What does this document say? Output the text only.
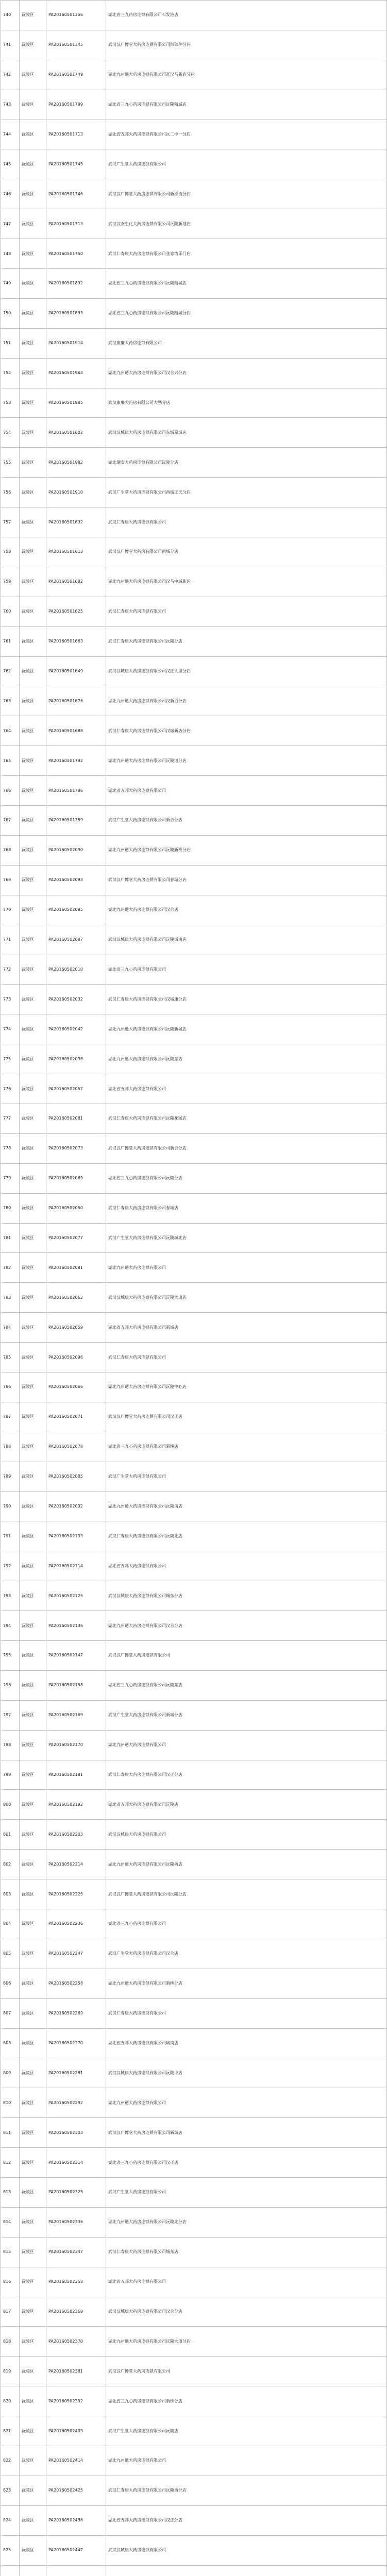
740	沅陵区	PA20160501356	湖北省三九药房连锁有限公司石发港店
741	沅陵区	PA20160501345	武汉汉广博堂大药房连锁有限公司洪郊仲分店
742	沅陵区	PA20160501749	湖北九州通大药房连锁有限公司瓦汉马新农分店
743	沅陵区	PA20160501799	湖北省三九心药房连锁有限公司沅陵精城店
744	沅陵区	PA20160501713	湖北省五邦大药房连锁有限公司沅二中一分店
745	沅陵区	PA20160501745	武汉广生堂大药房连锁有限公司
746	沅陵区	PA20160501746	武汉汉广博堂大药房连锁有限公司新桥街分店
747	沅陵区	PA20160501713	武汉汉安生化大药房连锁有限公司沅陵新地店
748	沅陵区	PA20160501750	武汉仁寿康大药房连锁有限公司张家湾乐门店
749	沅陵区	PA20160501892	湖北省三九心药房连锁有限公司沅陵精城店
750	沅陵区	PA20160501853	湖北省三九心药房连锁有限公司沅陵精城分店
751	沅陵区	PA20160501914	武汉康廉大药房连锁有限公司
752	沅陵区	PA20160501964	湖北九州通大药房连锁有限公司汉合兴分店
753	沅陵区	PA20160501985	武汉康廉大药房有限公司大鹏分店
754	沅陵区	PA20160501602	武汉汉城康大药房连锁有限公司东城星城店
755	沅陵区	PA20160501982	湖北瑞安大药房连锁有限公司沅陵分店
756	沅陵区	PA20160501910	武汉广生堂大药房连锁有限公司西城正天分店
757	沅陵区	PA20160501632	武汉仁寿康大药房连锁有限公司
758	沅陵区	PA20160501613	武汉汉广博堂大药房有限公司南城分店
759	沅陵区	PA20160501682	湖北九州通大药房连锁有限公司汉马中城新店
760	沅陵区	PA20160501625	武汉仁寿康大药房连锁有限公司
761	沅陵区	PA20160501663	武汉仁寿康大药房连锁有限公司沅陵分店
762	沅陵区	PA20160501649	武汉汉城康大药房连锁有限公司汉正大里分店
763	沅陵区	PA20160501676	湖北九州通大药房连锁有限公司汉新百分店
764	沅陵区	PA20160501688	武汉仁寿康大药房连锁有限公司汉城新店分店
765	沅陵区	PA20160501792	湖北九州通大药房连锁有限公司沅陵道分店
766	沅陵区	PA20160501786	湖北省五邦大药房连锁有限公司
767	沅陵区	PA20160501759	武汉广生堂大药房连锁有限公司新合分店
768	沅陵区	PA20160502090	湖北九州通大药房连锁有限公司沅陵新桥分店
769	沅陵区	PA20160502093	武汉汉广博堂大药房连锁有限公司春城分店
770	沅陵区	PA20160502095	湖北九州通大药房连锁有限公司汉合店
771	沅陵区	PA20160502087	武汉汉城康大药房连锁有限公司沅陵城南店
772	沅陵区	PA20160502010	湖北省三九心药房连锁有限公司
773	沅陵区	PA20160502032	武汉仁寿康大药房连锁有限公司汉城康分店
774	沅陵区	PA20160502042	湖北九州通大药房连锁有限公司沅陵新城店
775	沅陵区	PA20160502098	湖北九州通大药房连锁有限公司沅陵东店
776	沅陵区	PA20160502057	湖北省五邦大药房连锁有限公司
777	沅陵区	PA20160502081	武汉仁寿康大药房连锁有限公司沅陵花园店
778	沅陵区	PA20160502073	武汉汉广博堂大药房连锁有限公司新合分店
779	沅陵区	PA20160502069	湖北省三九心药房连锁有限公司沅陵分店
780	沅陵区	PA20160502050	武汉仁寿康大药房连锁有限公司春城店
781	沅陵区	PA20160502077	武汉广生堂大药房连锁有限公司沅陵城北店
782	沅陵区	PA20160502081	湖北九州通大药房连锁有限公司
783	沅陵区	PA20160502062	武汉汉城康大药房连锁有限公司沅陵大道店
784	沅陵区	PA20160502059	湖北省五邦大药房连锁有限公司新城店
785	沅陵区	PA20160502096	武汉仁寿康大药房连锁有限公司
786	沅陵区	PA20160502066	湖北九州通大药房连锁有限公司沅陵中心店
787	沅陵区	PA20160502071	武汉汉广博堂大药房连锁有限公司汉正店
788	沅陵区	PA20160502078	湖北省三九心药房连锁有限公司新桥店
789	沅陵区	PA20160502085	武汉广生堂大药房连锁有限公司
790	沅陵区	PA20160502092	湖北九州通大药房连锁有限公司沅陵南店
791	沅陵区	PA20160502103	武汉仁寿康大药房连锁有限公司沅陵北店
792	沅陵区	PA20160502114	湖北省五邦大药房连锁有限公司
793	沅陵区	PA20160502125	武汉汉城康大药房连锁有限公司城东分店
794	沅陵区	PA20160502136	湖北九州通大药房连锁有限公司汉合分店
795	沅陵区	PA20160502147	武汉汉广博堂大药房连锁有限公司
796	沅陵区	PA20160502158	湖北省三九心药房连锁有限公司沅陵东店
797	沅陵区	PA20160502169	武汉广生堂大药房连锁有限公司新城分店
798	沅陵区	PA20160502170	湖北九州通大药房连锁有限公司
799	沅陵区	PA20160502181	武汉仁寿康大药房连锁有限公司汉正分店
800	沅陵区	PA20160502192	湖北省五邦大药房连锁有限公司沅陵店
801	沅陵区	PA20160502203	武汉汉城康大药房连锁有限公司
802	沅陵区	PA20160502214	湖北九州通大药房连锁有限公司沅陵西店
803	沅陵区	PA20160502225	武汉汉广博堂大药房连锁有限公司沅陵分店
804	沅陵区	PA20160502236	湖北省三九心药房连锁有限公司
805	沅陵区	PA20160502247	武汉广生堂大药房连锁有限公司汉合店
806	沅陵区	PA20160502258	湖北九州通大药房连锁有限公司新桥分店
807	沅陵区	PA20160502269	武汉仁寿康大药房连锁有限公司
808	沅陵区	PA20160502270	湖北省五邦大药房连锁有限公司城南店
809	沅陵区	PA20160502281	武汉汉城康大药房连锁有限公司沅陵中店
810	沅陵区	PA20160502292	湖北九州通大药房连锁有限公司
811	沅陵区	PA20160502303	武汉汉广博堂大药房连锁有限公司新城店
812	沅陵区	PA20160502314	湖北省三九心药房连锁有限公司汉正店
813	沅陵区	PA20160502325	武汉广生堂大药房连锁有限公司
814	沅陵区	PA20160502336	湖北九州通大药房连锁有限公司沅陵北分店
815	沅陵区	PA20160502347	武汉仁寿康大药房连锁有限公司城东店
816	沅陵区	PA20160502358	湖北省五邦大药房连锁有限公司
817	沅陵区	PA20160502369	武汉汉城康大药房连锁有限公司汉合分店
818	沅陵区	PA20160502370	湖北九州通大药房连锁有限公司沅陵大道分店
819	沅陵区	PA20160502381	武汉汉广博堂大药房连锁有限公司
820	沅陵区	PA20160502392	湖北省三九心药房连锁有限公司新桥分店
821	沅陵区	PA20160502403	武汉广生堂大药房连锁有限公司沅陵店
822	沅陵区	PA20160502414	湖北九州通大药房连锁有限公司
823	沅陵区	PA20160502425	武汉仁寿康大药房连锁有限公司沅陵西分店
824	沅陵区	PA20160502436	湖北省五邦大药房连锁有限公司汉正分店
825	沅陵区	PA20160502447	武汉汉城康大药房连锁有限公司
